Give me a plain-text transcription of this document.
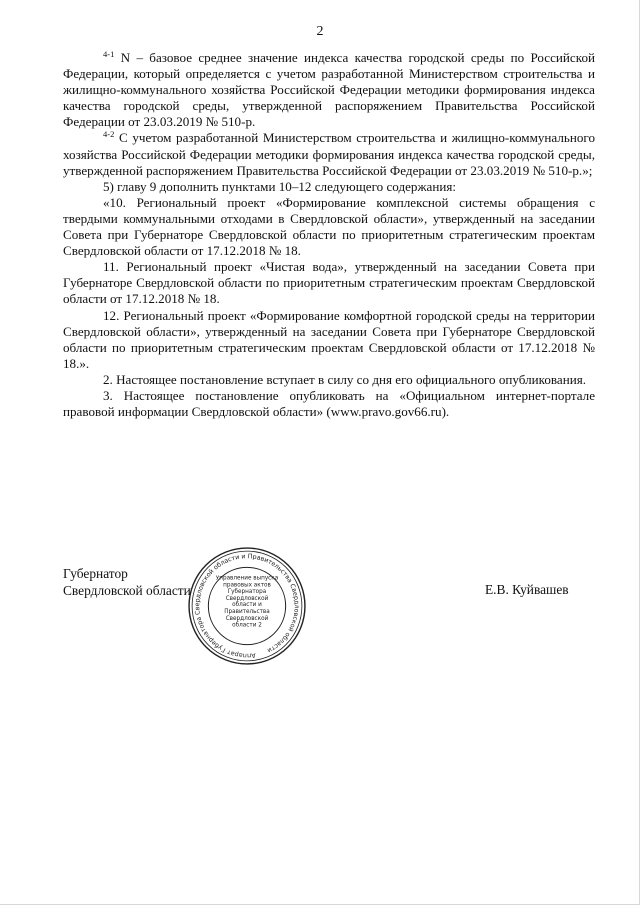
2

$^{4-1}$ N – базовое среднее значение индекса качества городской среды по Российской Федерации, который определяется с учетом разработанной Министерством строительства и жилищно-коммунального хозяйства Российской Федерации методики формирования индекса качества городской среды, утвержденной распоряжением Правительства Российской Федерации от 23.03.2019 № 510-р.

$^{4-2}$ С учетом разработанной Министерством строительства и жилищно-коммунального хозяйства Российской Федерации методики формирования индекса качества городской среды, утвержденной распоряжением Правительства Российской Федерации от 23.03.2019 № 510-р.»;

5) главу 9 дополнить пунктами 10–12 следующего содержания:

«10. Региональный проект «Формирование комплексной системы обращения с твердыми коммунальными отходами в Свердловской области», утвержденный на заседании Совета при Губернаторе Свердловской области по приоритетным стратегическим проектам Свердловской области от 17.12.2018 № 18.

11. Региональный проект «Чистая вода», утвержденный на заседании Совета при Губернаторе Свердловской области по приоритетным стратегическим проектам Свердловской области от 17.12.2018 № 18.

12. Региональный проект «Формирование комфортной городской среды на территории Свердловской области», утвержденный на заседании Совета при Губернаторе Свердловской области по приоритетным стратегическим проектам Свердловской области от 17.12.2018 № 18.».

2. Настоящее постановление вступает в силу со дня его официального опубликования.

3. Настоящее постановление опубликовать на «Официальном интернет-портале правовой информации Свердловской области» (www.pravo.gov66.ru).

Губернатор
Свердловской области
Аппарат Губернатора Свердловской области и Правительства Свердловской области
Управление выпуска правовых актов Губернатора Свердловской области и Правительства Свердловской области 2
Е.В. Куйвашев
